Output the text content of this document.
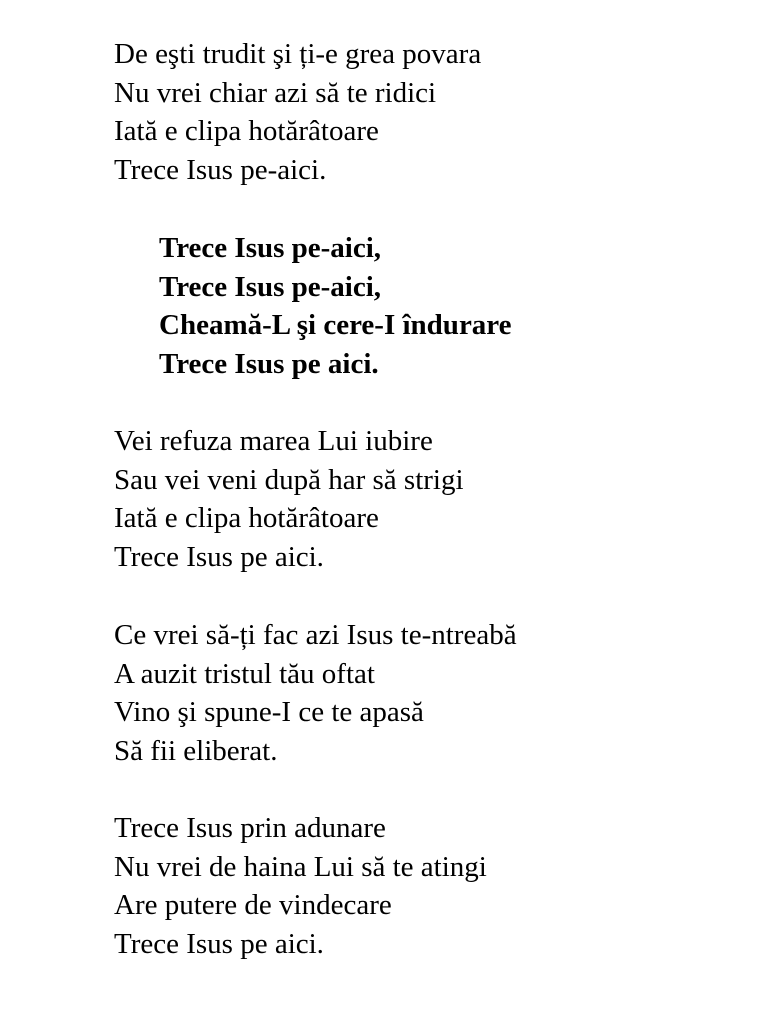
De eşti trudit şi ți-e grea povara
Nu vrei chiar azi să te ridici
Iată e clipa hotărâtoare
Trece Isus pe-aici.
Trece Isus pe-aici,
Trece Isus pe-aici,
Cheamă-L şi cere-I îndurare
Trece Isus pe aici.
Vei refuza marea Lui iubire
Sau vei veni după har să strigi
Iată e clipa hotărâtoare
Trece Isus pe aici.
Ce vrei să-ți fac azi Isus te-ntreabă
A auzit tristul tău oftat
Vino şi spune-I ce te apasă
Să fii eliberat.
Trece Isus prin adunare
Nu vrei de haina Lui să te atingi
Are putere de vindecare
Trece Isus pe aici.
